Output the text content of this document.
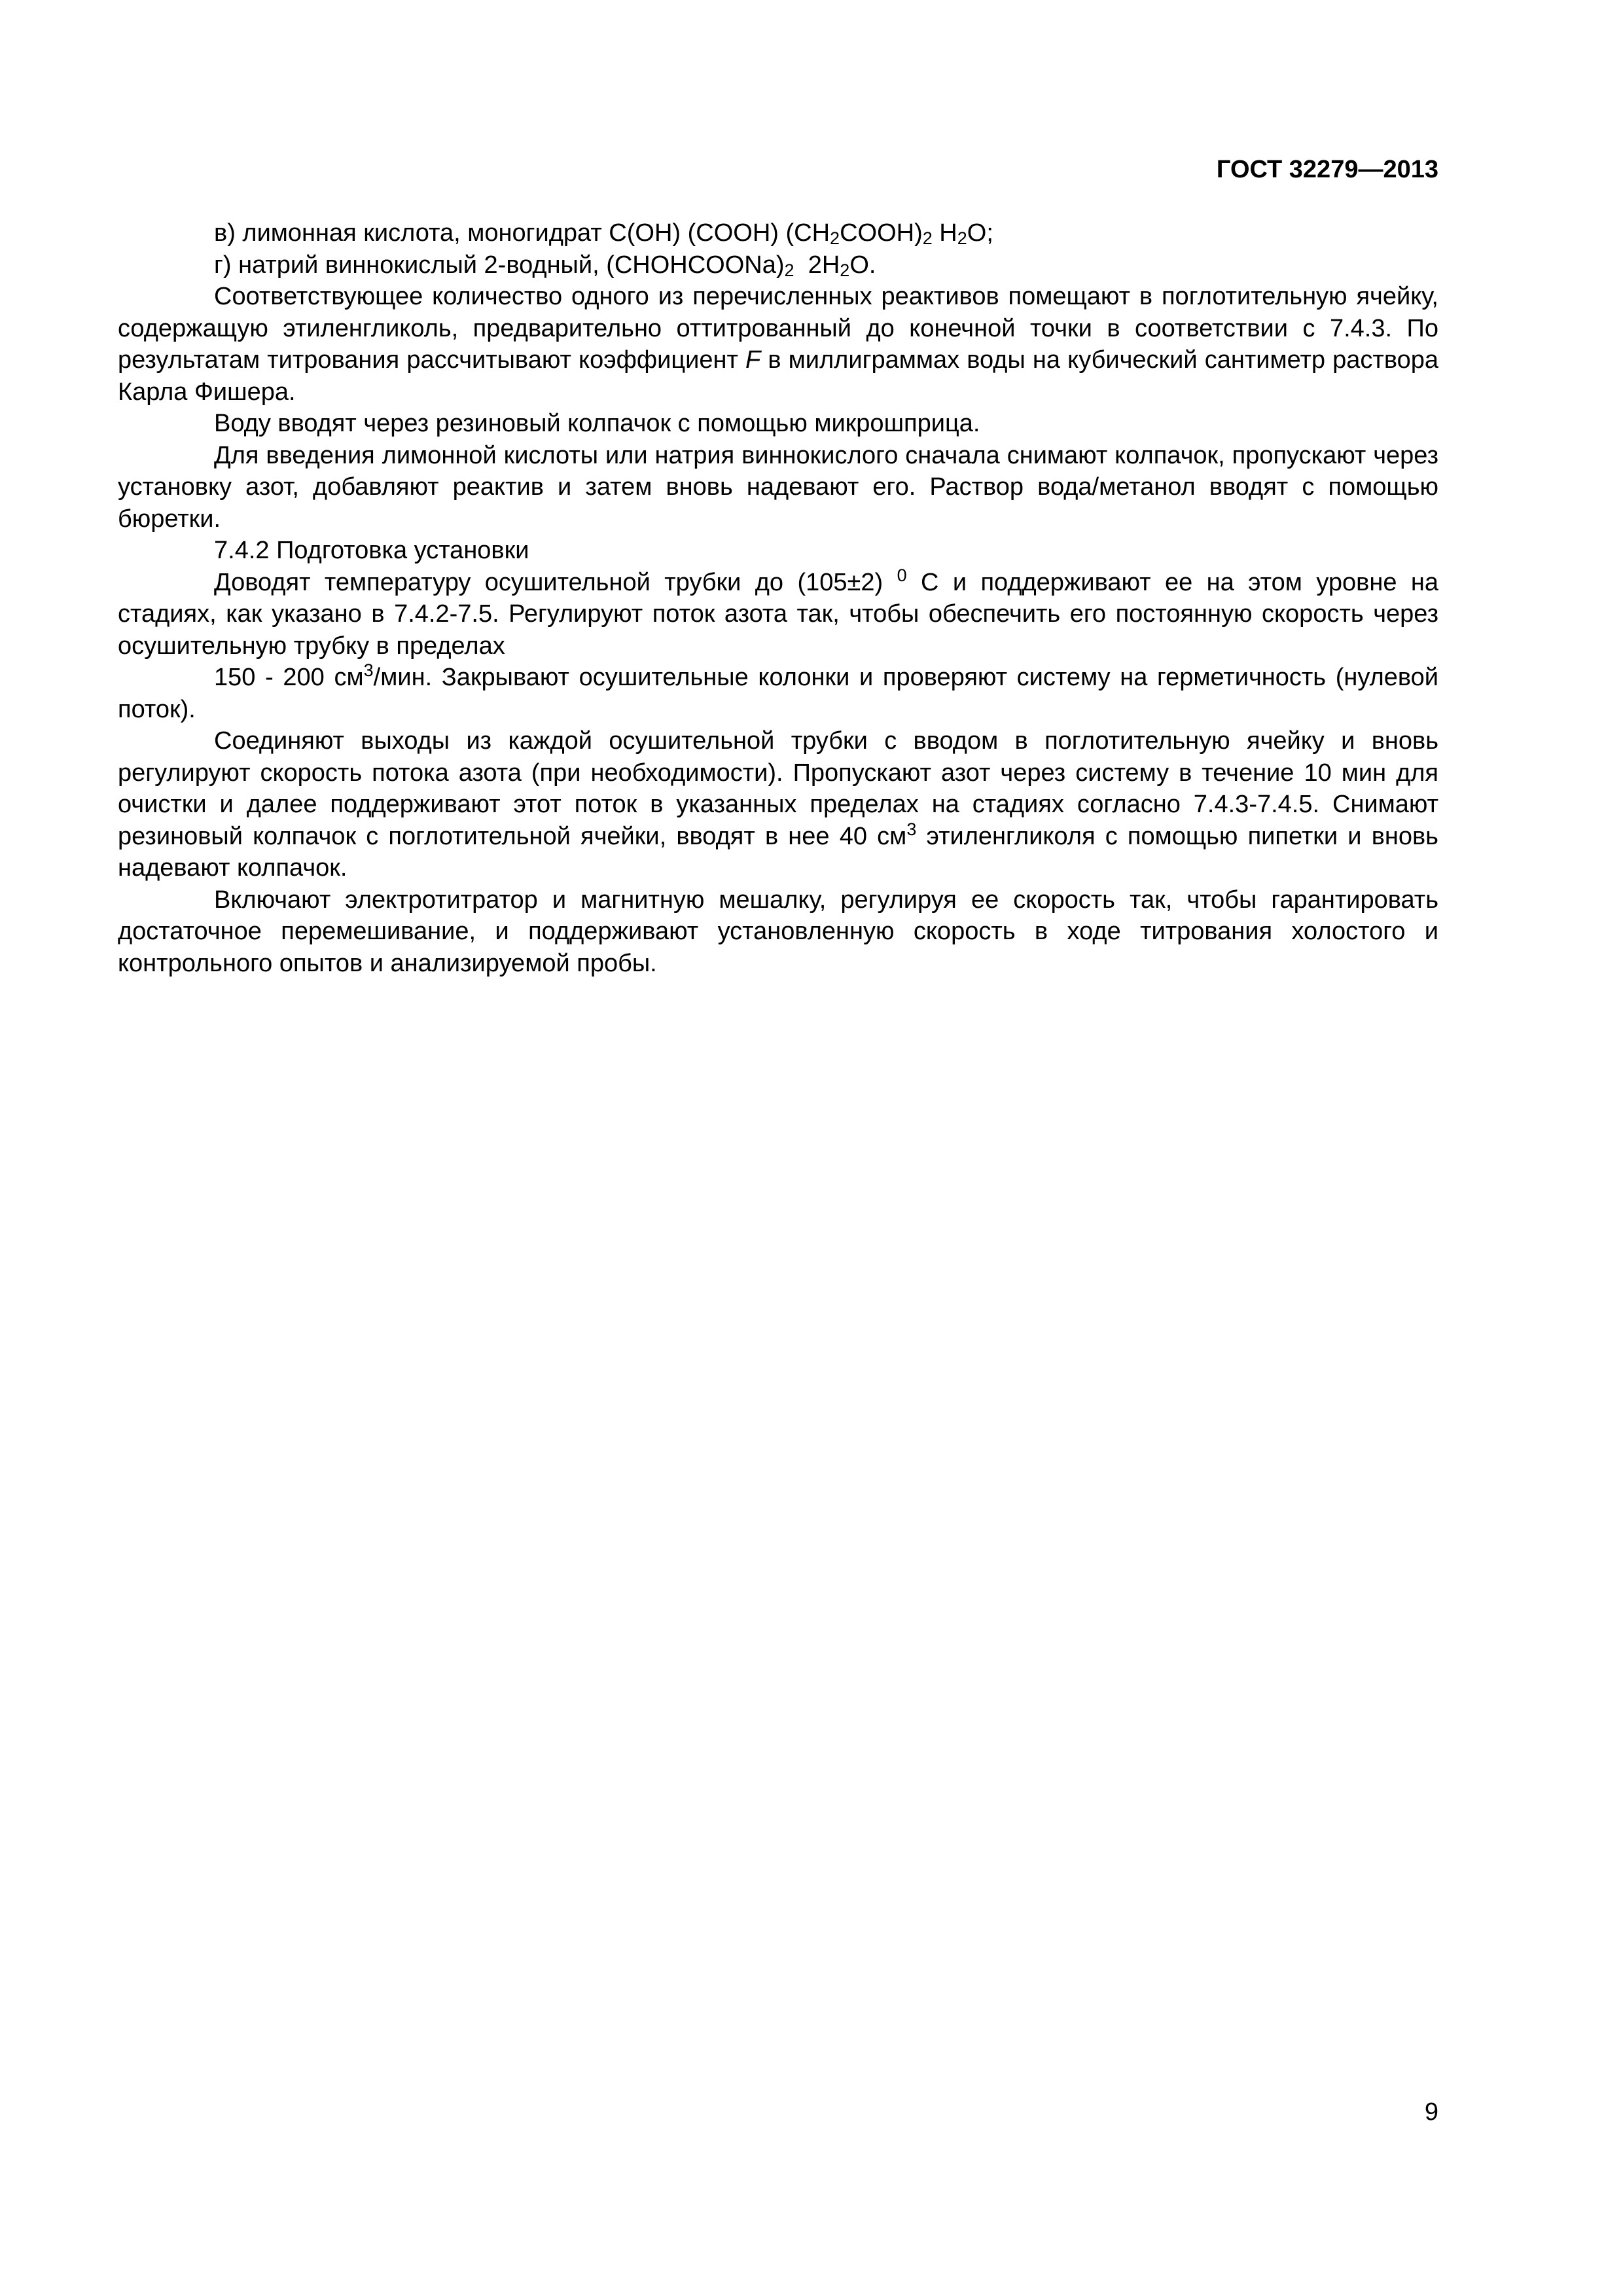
ГОСТ 32279—2013

в) лимонная кислота, моногидрат C(OH) (COOH) $(CH_2COOH)_2$ $H_2O$;

г) натрий виннокислый 2-водный, $(CHOHCOONa)_2$  $2H_2O$.

Соответствующее количество одного из перечисленных реактивов помещают в поглотительную ячейку, содержащую этиленгликоль, предварительно оттитрованный до конечной точки в соответствии с 7.4.3. По результатам титрования рассчитывают коэффициент F в миллиграммах воды на кубический сантиметр раствора Карла Фишера.

Воду вводят через резиновый колпачок с помощью микрошприца.

Для введения лимонной кислоты или натрия виннокислого сначала снимают колпачок, пропускают через установку азот, добавляют реактив и затем вновь надевают его. Раствор вода/метанол вводят с помощью бюретки.

7.4.2 Подготовка установки

Доводят температуру осушительной трубки до (105±2) $^0$ С и поддерживают ее на этом уровне на стадиях, как указано в 7.4.2-7.5. Регулируют поток азота так, чтобы обеспечить его постоянную скорость через осушительную трубку в пределах

150 - 200 $см^3$/мин. Закрывают осушительные колонки и проверяют систему на герметичность (нулевой поток).

Соединяют выходы из каждой осушительной трубки с вводом в поглотительную ячейку и вновь регулируют скорость потока азота (при необходимости). Пропускают азот через систему в течение 10 мин для очистки и далее поддерживают этот поток в указанных пределах на стадиях согласно 7.4.3-7.4.5. Снимают резиновый колпачок с поглотительной ячейки, вводят в нее 40 $см^3$ этиленгликоля с помощью пипетки и вновь надевают колпачок.

Включают электротитратор и магнитную мешалку, регулируя ее скорость так, чтобы гарантировать достаточное перемешивание, и поддерживают установленную скорость в ходе титрования холостого и контрольного опытов и анализируемой пробы.

9
